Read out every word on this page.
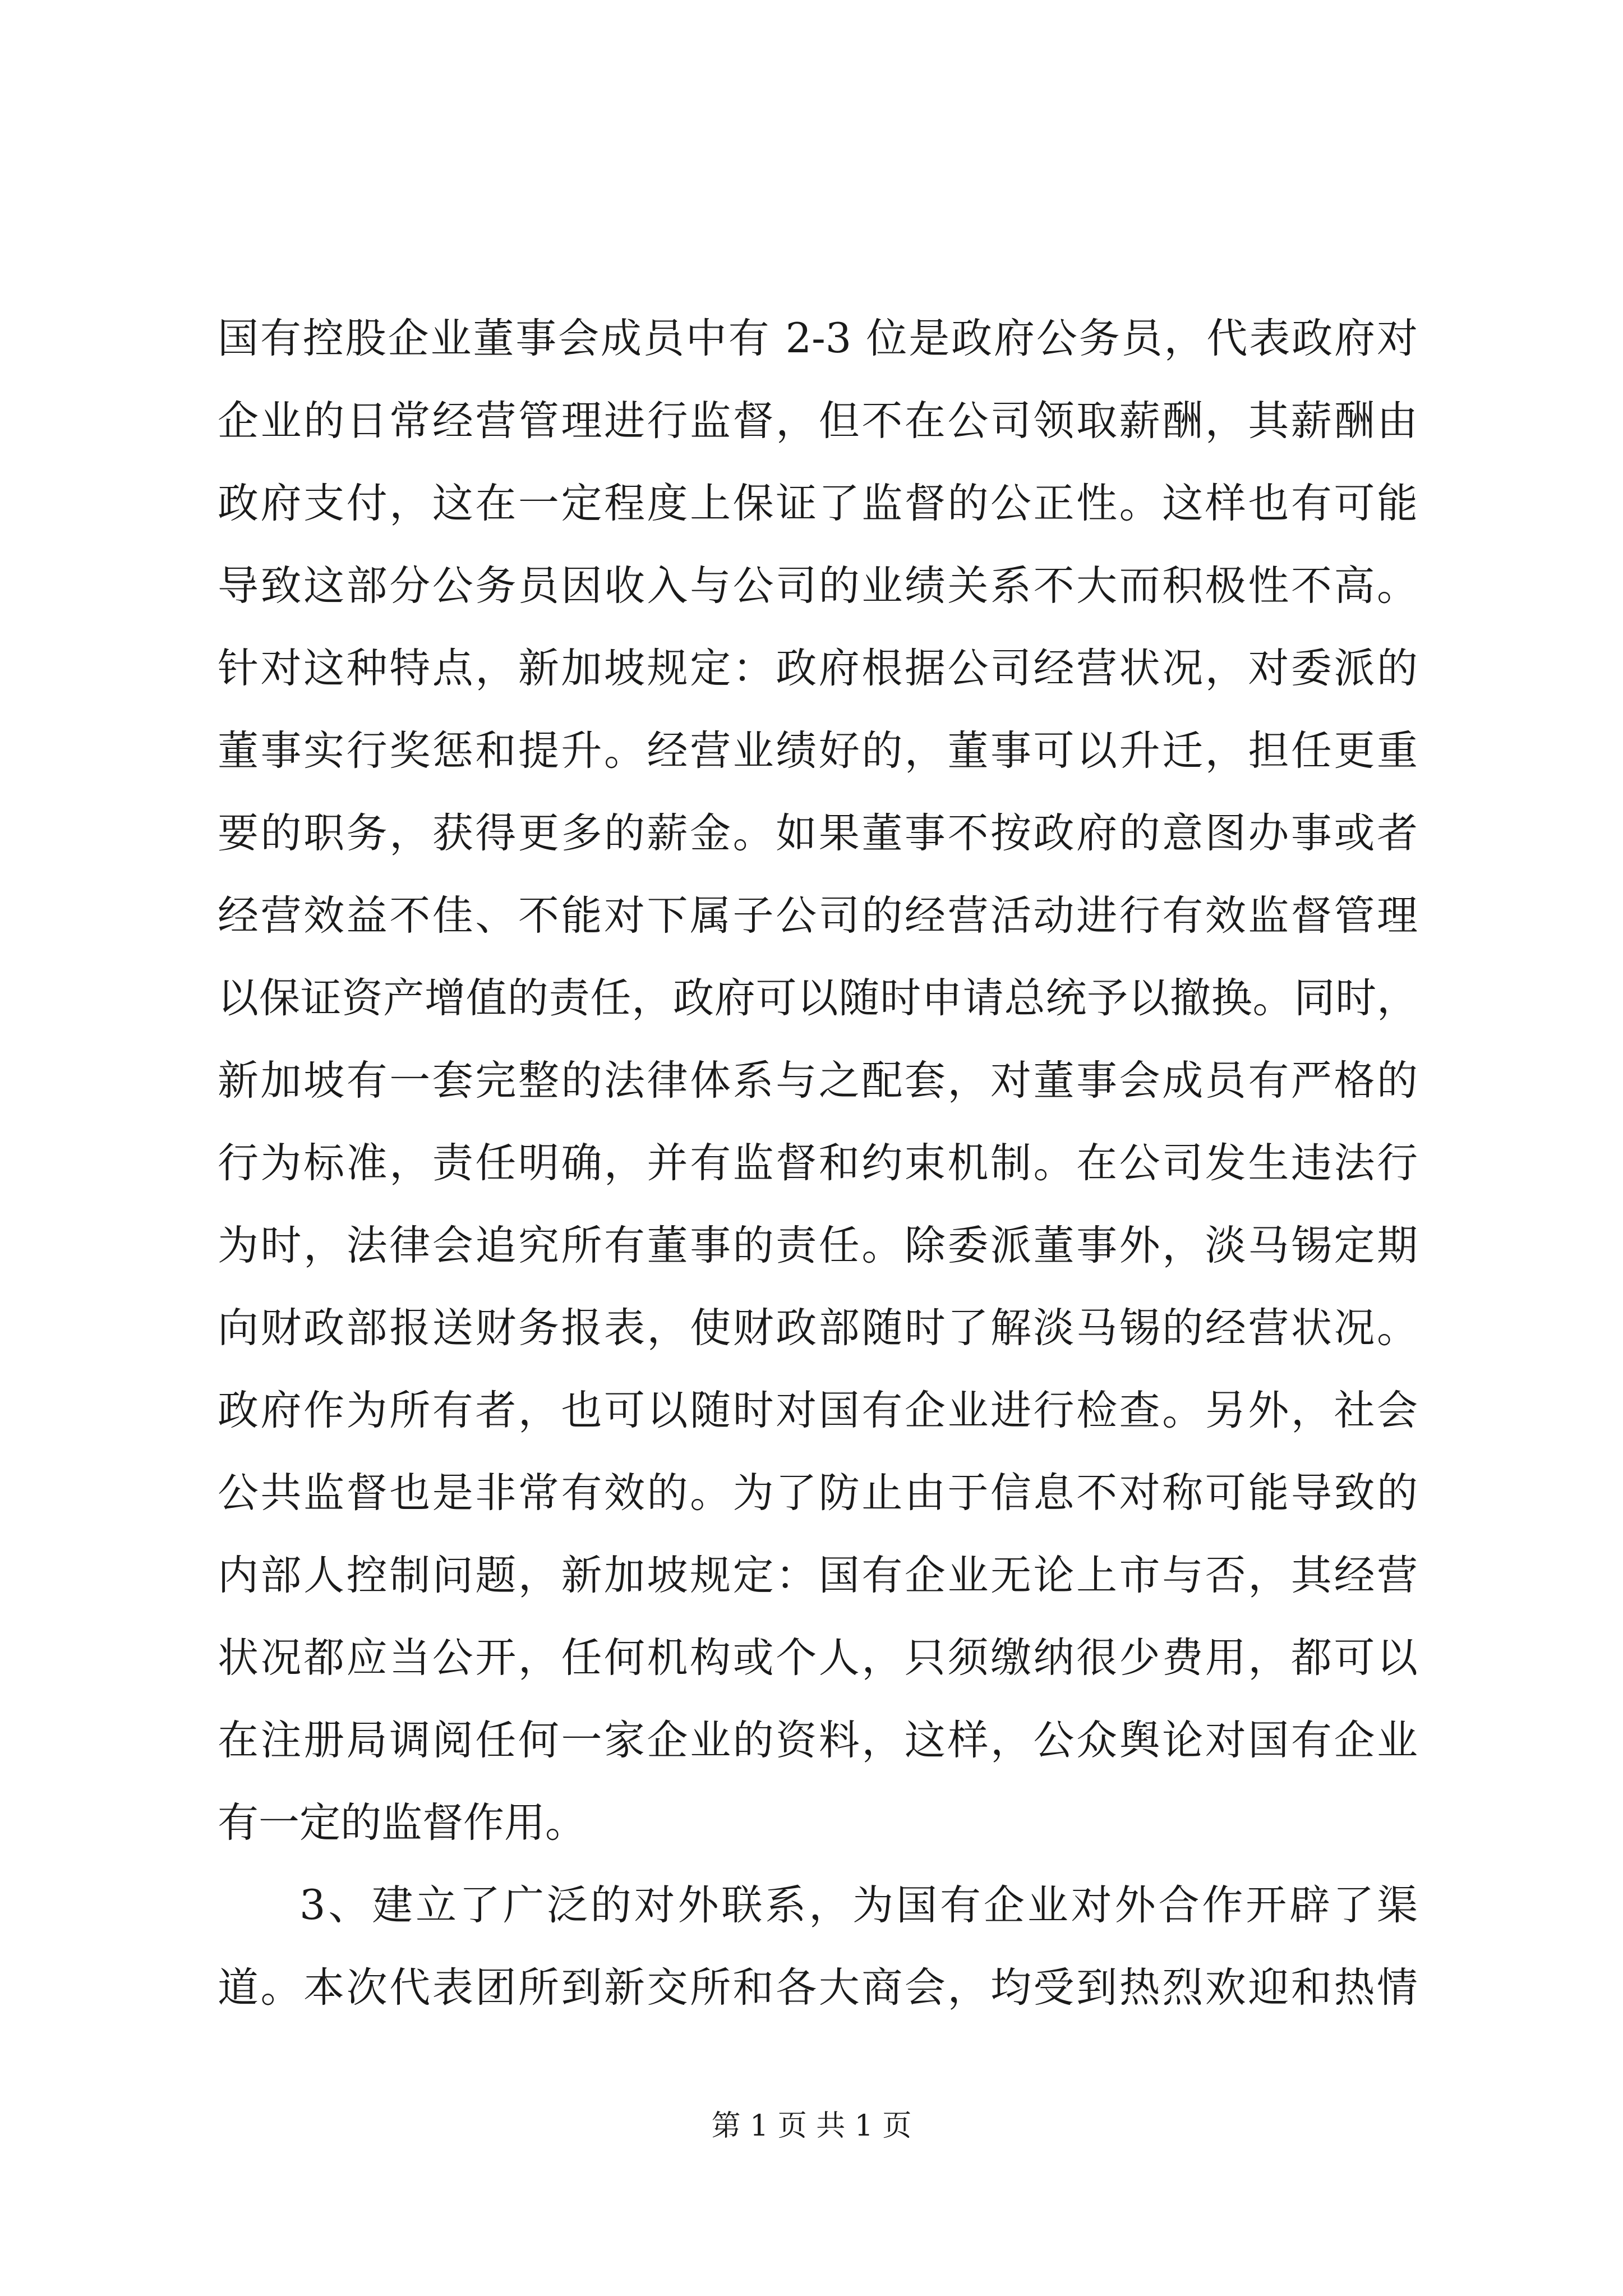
国有控股企业董事会成员中有 2-3 位是政府公务员，代表政府对
企业的日常经营管理进行监督，但不在公司领取薪酬，其薪酬由
政府支付，这在一定程度上保证了监督的公正性。这样也有可能
导致这部分公务员因收入与公司的业绩关系不大而积极性不高。
针对这种特点，新加坡规定：政府根据公司经营状况，对委派的
董事实行奖惩和提升。经营业绩好的，董事可以升迁，担任更重
要的职务，获得更多的薪金。如果董事不按政府的意图办事或者
经营效益不佳、不能对下属子公司的经营活动进行有效监督管理
以保证资产增值的责任，政府可以随时申请总统予以撤换。同时，
新加坡有一套完整的法律体系与之配套，对董事会成员有严格的
行为标准，责任明确，并有监督和约束机制。在公司发生违法行
为时，法律会追究所有董事的责任。除委派董事外，淡马锡定期
向财政部报送财务报表，使财政部随时了解淡马锡的经营状况。
政府作为所有者，也可以随时对国有企业进行检查。另外，社会
公共监督也是非常有效的。为了防止由于信息不对称可能导致的
内部人控制问题，新加坡规定：国有企业无论上市与否，其经营
状况都应当公开，任何机构或个人，只须缴纳很少费用，都可以
在注册局调阅任何一家企业的资料，这样，公众舆论对国有企业
有一定的监督作用。
3、建立了广泛的对外联系，为国有企业对外合作开辟了渠
道。本次代表团所到新交所和各大商会，均受到热烈欢迎和热情
第 1 页 共 1 页
